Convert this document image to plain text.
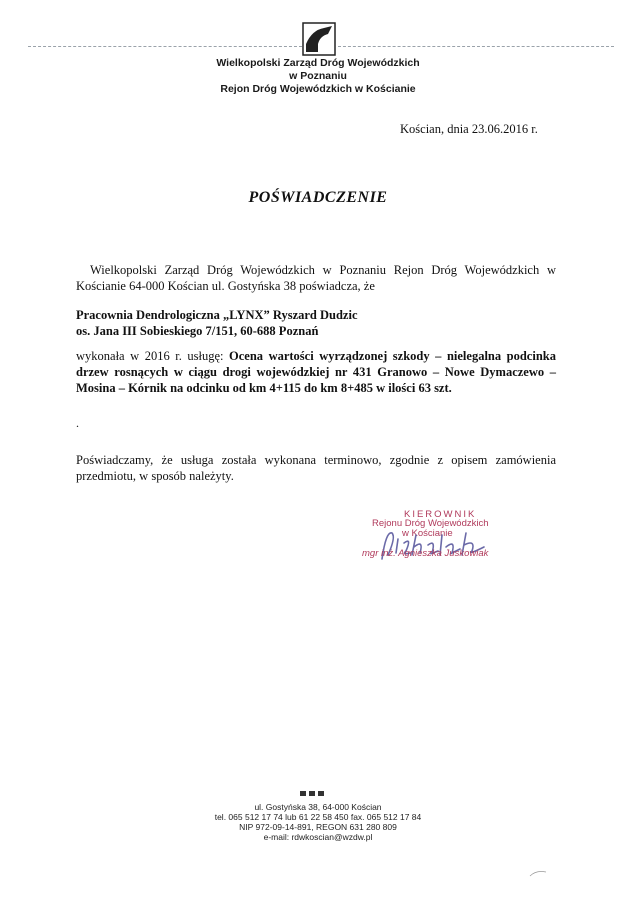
Wielkopolski Zarząd Dróg Wojewódzkich
w Poznaniu
Rejon Dróg Wojewódzkich w Kościanie
Kościan, dnia 23.06.2016 r.
POŚWIADCZENIE
Wielkopolski Zarząd Dróg Wojewódzkich w Poznaniu Rejon Dróg Wojewódzkich w Kościanie 64-000 Kościan ul. Gostyńska 38 poświadcza, że
Pracownia Dendrologiczna „LYNX” Ryszard Dudzic
os. Jana III Sobieskiego 7/151, 60-688 Poznań
wykonała w 2016 r. usługę: Ocena wartości wyrządzonej szkody – nielegalna podcinka drzew rosnących w ciągu drogi wojewódzkiej nr 431 Granowo – Nowe Dymaczewo – Mosina – Kórnik na odcinku od km 4+115 do km 8+485 w ilości 63 szt.
.
Poświadczamy, że usługa została wykonana terminowo, zgodnie z opisem zamówienia przedmiotu, w sposób należyty.
KIEROWNIK
Rejonu Dróg Wojewódzkich
w Kościanie
mgr inż. Agnieszka Juskowiak
ul. Gostyńska 38, 64-000 Kościan
tel. 065 512 17 74 lub 61 22 58 450 fax. 065 512 17 84
NIP 972-09-14-891, REGON 631 280 809
e-mail: rdwkoscian@wzdw.pl
